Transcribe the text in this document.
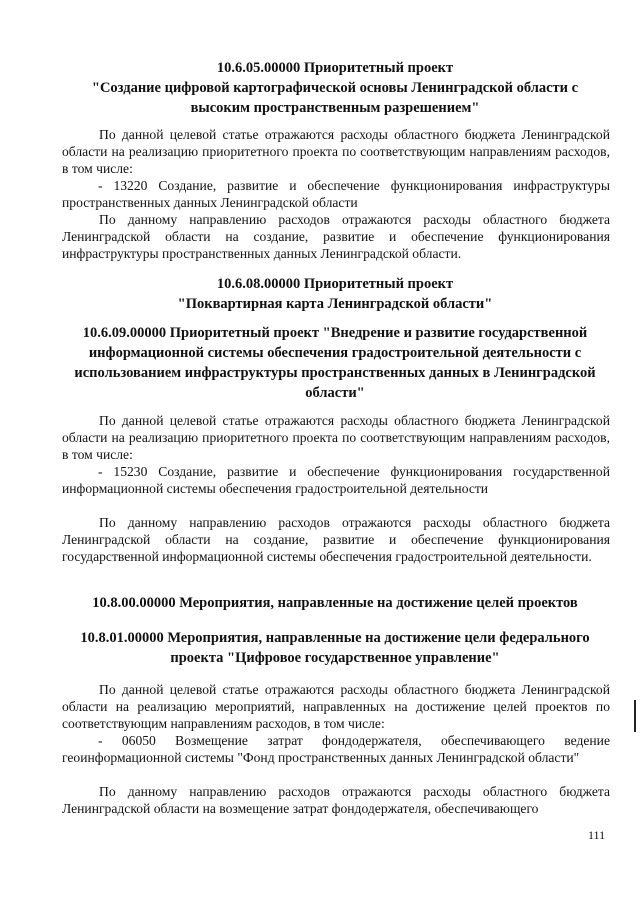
10.6.05.00000 Приоритетный проект
"Создание цифровой картографической основы Ленинградской области с
высоким пространственным разрешением"
По данной целевой статье отражаются расходы областного бюджета Ленинградской области на реализацию приоритетного проекта по соответствующим направлениям расходов, в том числе:
- 13220 Создание, развитие и обеспечение функционирования инфраструктуры пространственных данных Ленинградской области
По данному направлению расходов отражаются расходы областного бюджета Ленинградской области на создание, развитие и обеспечение функционирования инфраструктуры пространственных данных Ленинградской области.
10.6.08.00000 Приоритетный проект
"Поквартирная карта Ленинградской области"
10.6.09.00000 Приоритетный проект "Внедрение и развитие государственной
информационной системы обеспечения градостроительной деятельности с
использованием инфраструктуры пространственных данных в Ленинградской
области"
По данной целевой статье отражаются расходы областного бюджета Ленинградской области на реализацию приоритетного проекта по соответствующим направлениям расходов, в том числе:
- 15230 Создание, развитие и обеспечение функционирования государственной информационной системы обеспечения градостроительной деятельности
По данному направлению расходов отражаются расходы областного бюджета Ленинградской области на создание, развитие и обеспечение функционирования государственной информационной системы обеспечения градостроительной деятельности.
10.8.00.00000 Мероприятия, направленные на достижение целей проектов
10.8.01.00000 Мероприятия, направленные на достижение цели федерального
проекта "Цифровое государственное управление"
По данной целевой статье отражаются расходы областного бюджета Ленинградской области на реализацию мероприятий, направленных на достижение целей проектов по соответствующим направлениям расходов, в том числе:
- 06050 Возмещение затрат фондодержателя, обеспечивающего ведение геоинформационной системы "Фонд пространственных данных Ленинградской области"
По данному направлению расходов отражаются расходы областного бюджета Ленинградской области на возмещение затрат фондодержателя, обеспечивающего
111
